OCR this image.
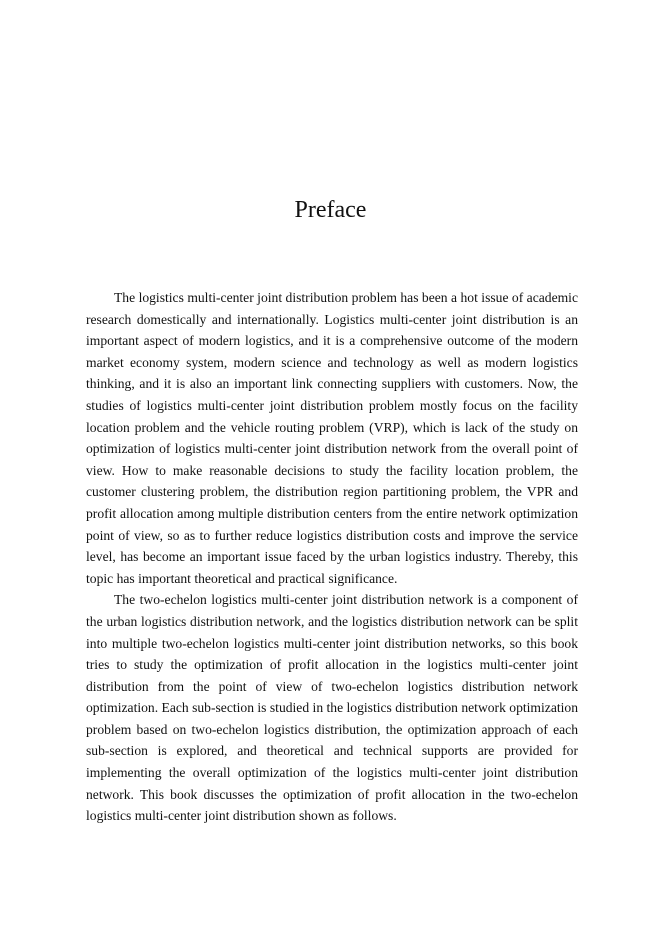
Preface

The logistics multi-center joint distribution problem has been a hot issue of academic research domestically and internationally. Logistics multi-center joint distribution is an important aspect of modern logistics, and it is a comprehensive outcome of the modern market economy system, modern science and technology as well as modern logistics thinking, and it is also an important link connecting suppliers with customers. Now, the studies of logistics multi-center joint distribution problem mostly focus on the facility location problem and the vehicle routing problem (VRP), which is lack of the study on optimization of logistics multi-center joint distribution network from the overall point of view. How to make reasonable decisions to study the facility location problem, the customer clustering problem, the distribution region partitioning problem, the VPR and profit allocation among multiple distribution centers from the entire network optimization point of view, so as to further reduce logistics distribution costs and improve the service level, has become an important issue faced by the urban logistics industry. Thereby, this topic has important theoretical and practical significance.

The two-echelon logistics multi-center joint distribution network is a component of the urban logistics distribution network, and the logistics distribution network can be split into multiple two-echelon logistics multi-center joint distribution networks, so this book tries to study the optimization of profit allocation in the logistics multi-center joint distribution from the point of view of two-echelon logistics distribution network optimization. Each sub-section is studied in the logistics distribution network optimization problem based on two-echelon logistics distribution, the optimization approach of each sub-section is explored, and theoretical and technical supports are provided for implementing the overall optimization of the logistics multi-center joint distribution network. This book discusses the optimization of profit allocation in the two-echelon logistics multi-center joint distribution shown as follows.
